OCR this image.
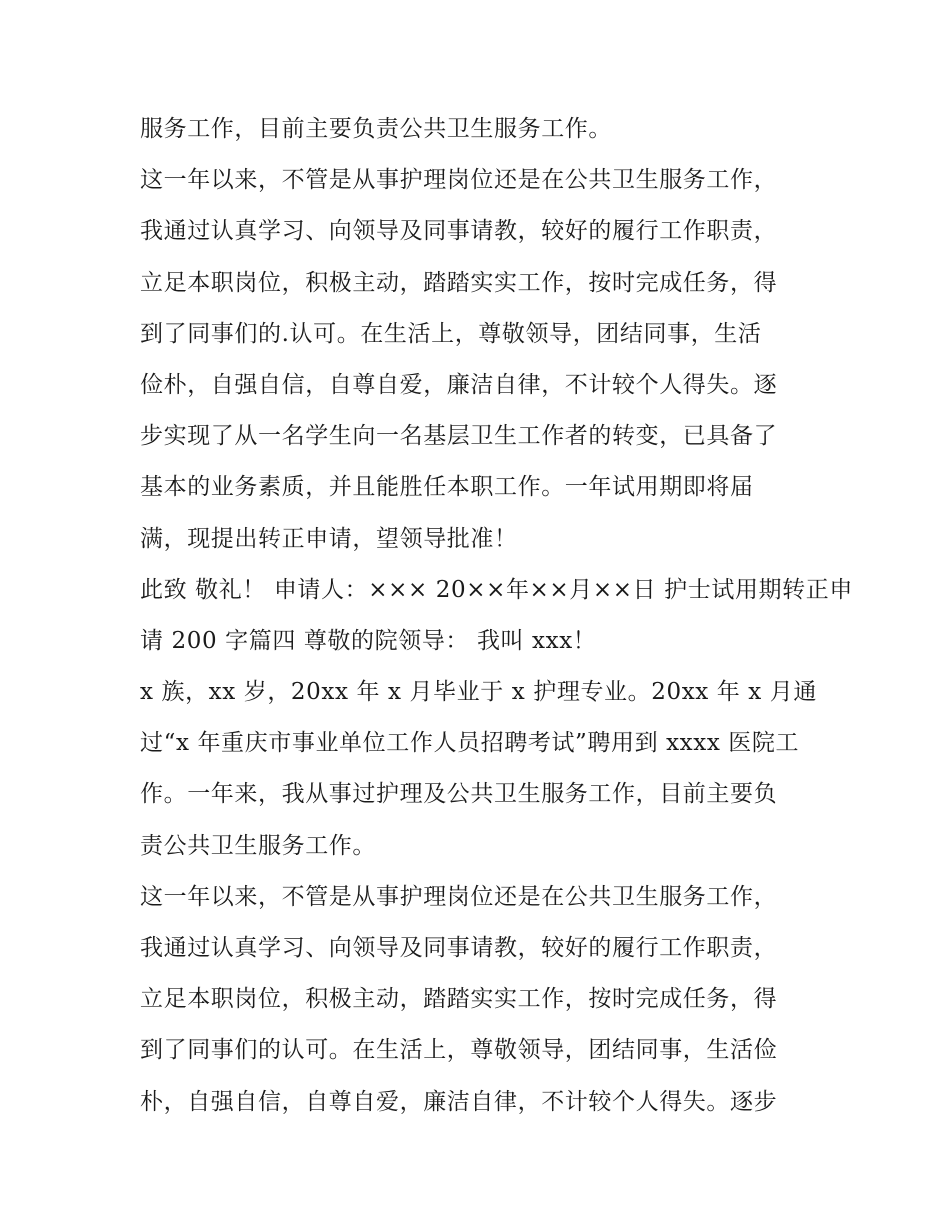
服务工作，目前主要负责公共卫生服务工作。
这一年以来，不管是从事护理岗位还是在公共卫生服务工作，
我通过认真学习、向领导及同事请教，较好的履行工作职责，
立足本职岗位，积极主动，踏踏实实工作，按时完成任务，得
到了同事们的.认可。在生活上，尊敬领导，团结同事，生活
俭朴，自强自信，自尊自爱，廉洁自律，不计较个人得失。逐
步实现了从一名学生向一名基层卫生工作者的转变，已具备了
基本的业务素质，并且能胜任本职工作。一年试用期即将届
满，现提出转正申请，望领导批准！
此致 敬礼！ 申请人：××× 20××年××月××日 护士试用期转正申
请 200 字篇四 尊敬的院领导： 我叫 xxx！
x 族，xx 岁，20xx 年 x 月毕业于 x 护理专业。20xx 年 x 月通
过“x 年重庆市事业单位工作人员招聘考试”聘用到 xxxx 医院工
作。一年来，我从事过护理及公共卫生服务工作，目前主要负
责公共卫生服务工作。
这一年以来，不管是从事护理岗位还是在公共卫生服务工作，
我通过认真学习、向领导及同事请教，较好的履行工作职责，
立足本职岗位，积极主动，踏踏实实工作，按时完成任务，得
到了同事们的认可。在生活上，尊敬领导，团结同事，生活俭
朴，自强自信，自尊自爱，廉洁自律，不计较个人得失。逐步
